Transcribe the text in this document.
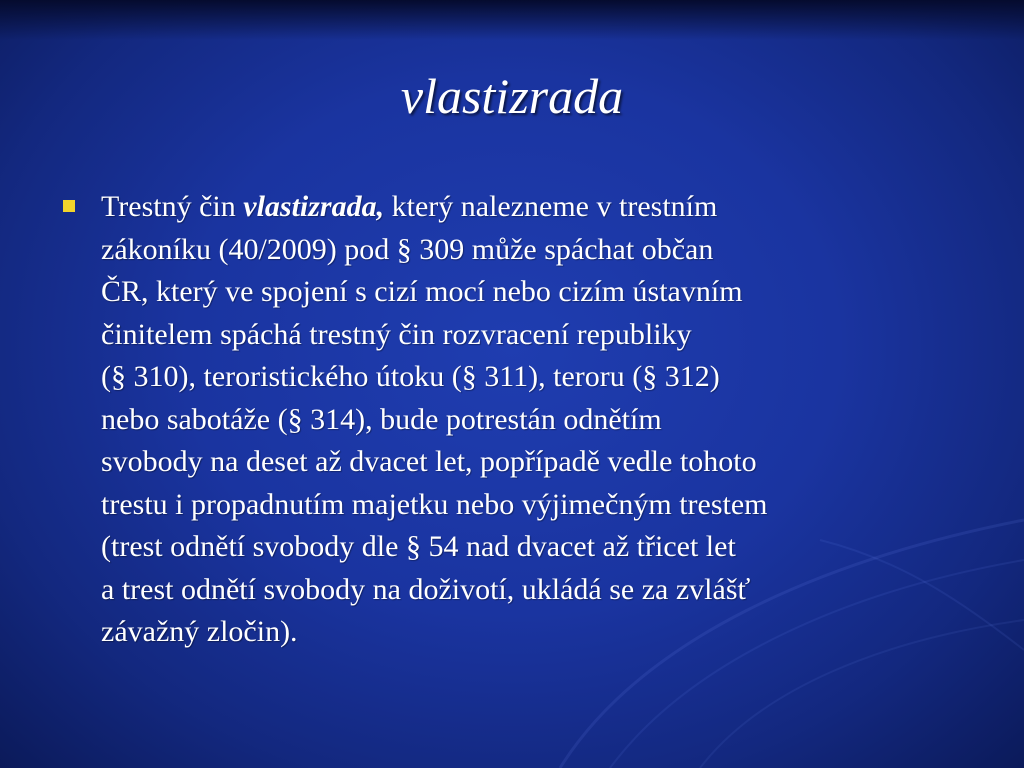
vlastizrada

Trestný čin vlastizrada, který nalezneme v trestním
zákoníku (40/2009) pod § 309 může spáchat občan
ČR, který ve spojení s cizí mocí nebo cizím ústavním
činitelem spáchá trestný čin rozvracení republiky
(§ 310), teroristického útoku (§ 311), teroru (§ 312)
nebo sabotáže (§ 314), bude potrestán odnětím
svobody na deset až dvacet let, popřípadě vedle tohoto
trestu i propadnutím majetku nebo výjimečným trestem
(trest odnětí svobody dle § 54 nad dvacet až třicet let
a trest odnětí svobody na doživotí, ukládá se za zvlášť
závažný zločin).
